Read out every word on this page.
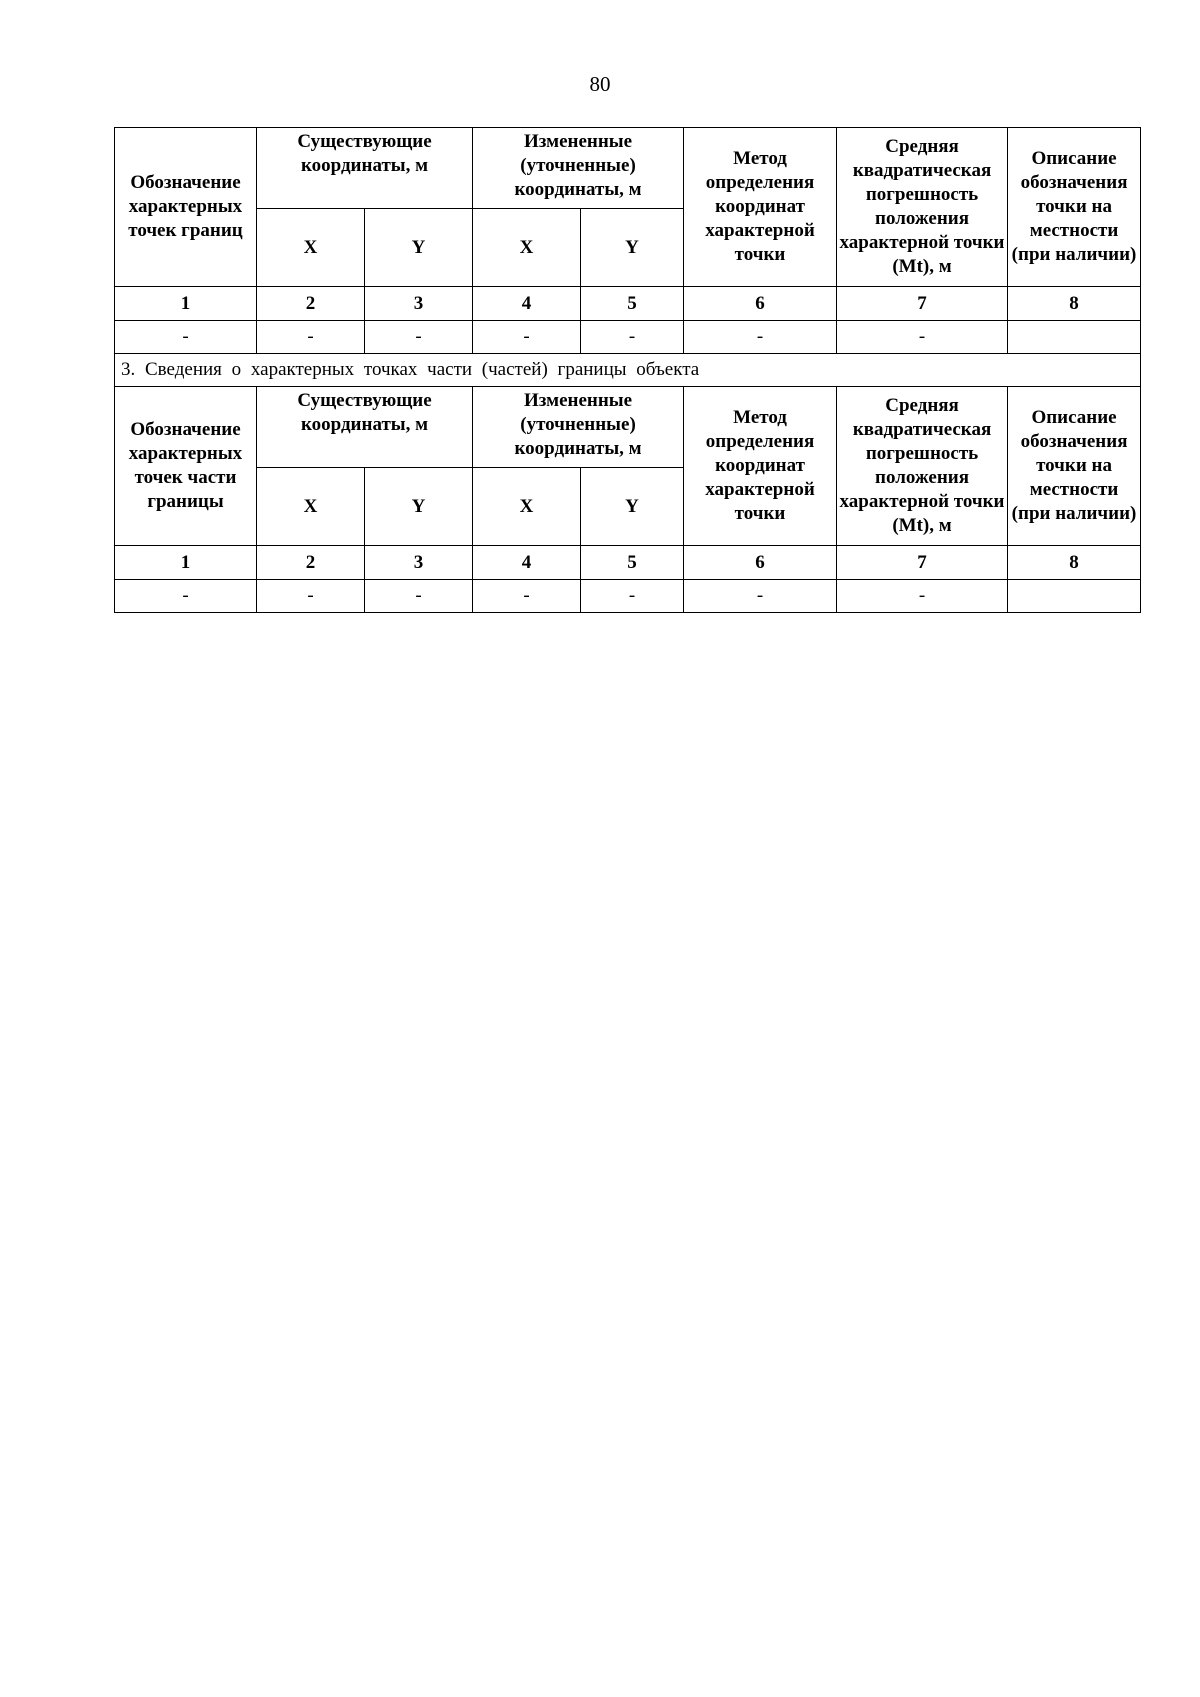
80
Обозначение характерных точек границ	Существующие координаты, м		Измененные (уточненные) координаты, м		Метод определения координат характерной точки	Средняя квадратическая погрешность положения характерной точки (Mt), м	Описание обозначения точки на местности (при наличии)
	X	Y	X	Y			
1	2	3	4	5	6	7	8
-	-	-	-	-	-	-	
3. Сведения о характерных точках части (частей) границы объекта							
Обозначение характерных точек части границы	Существующие координаты, м		Измененные (уточненные) координаты, м		Метод определения координат характерной точки	Средняя квадратическая погрешность положения характерной точки (Mt), м	Описание обозначения точки на местности (при наличии)
	X	Y	X	Y			
1	2	3	4	5	6	7	8
-	-	-	-	-	-	-	
